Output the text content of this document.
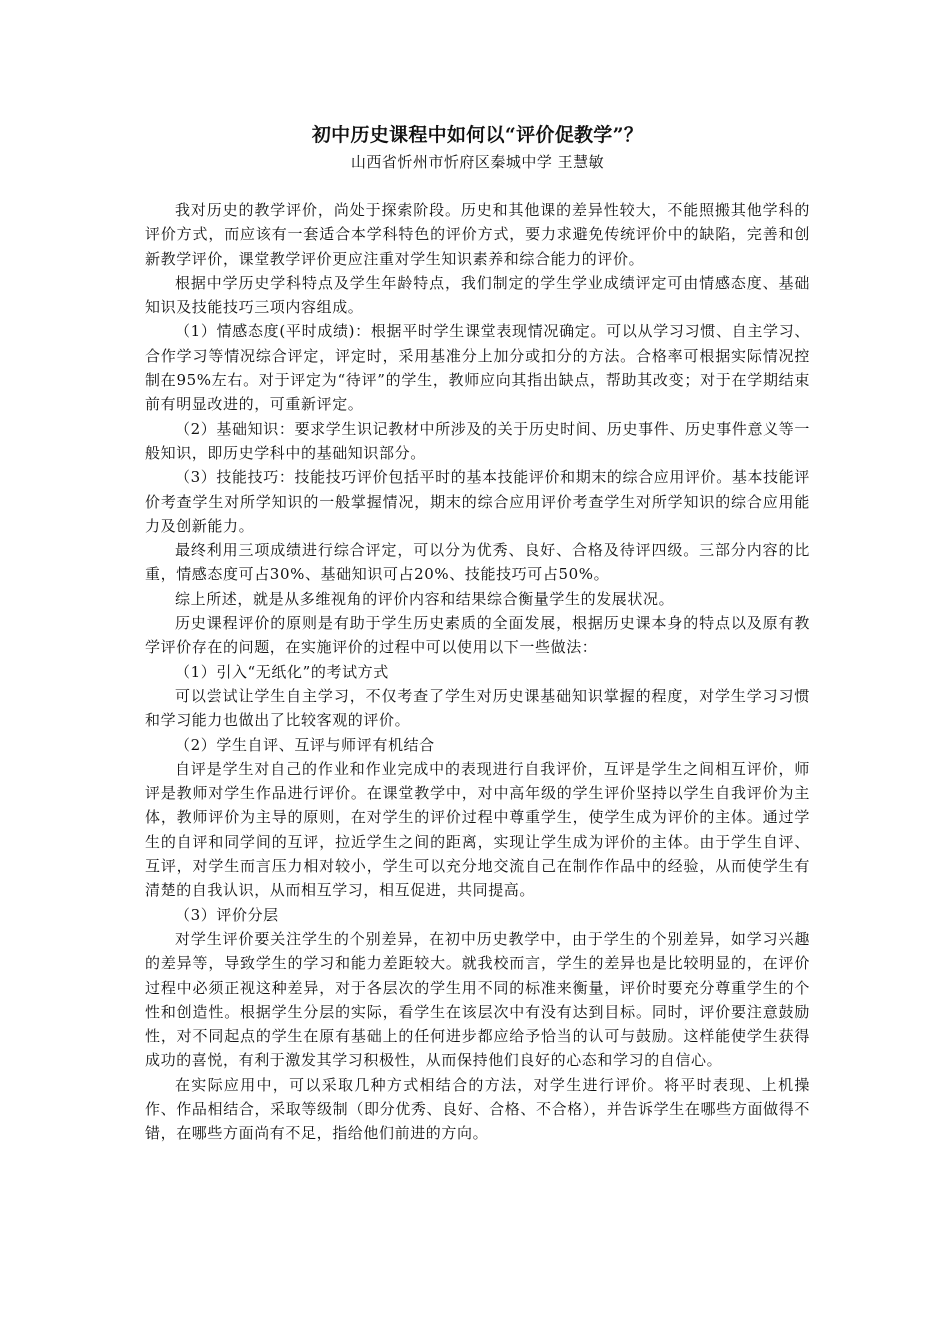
初中历史课程中如何以“评价促教学”？

山西省忻州市忻府区秦城中学 王慧敏

我对历史的教学评价，尚处于探索阶段。历史和其他课的差异性较大，不能照搬其他学科的评价方式，而应该有一套适合本学科特色的评价方式，要力求避免传统评价中的缺陷，完善和创新教学评价，课堂教学评价更应注重对学生知识素养和综合能力的评价。

根据中学历史学科特点及学生年龄特点，我们制定的学生学业成绩评定可由情感态度、基础知识及技能技巧三项内容组成。

（1）情感态度(平时成绩)：根据平时学生课堂表现情况确定。可以从学习习惯、自主学习、合作学习等情况综合评定，评定时，采用基准分上加分或扣分的方法。合格率可根据实际情况控制在95%左右。对于评定为“待评”的学生，教师应向其指出缺点，帮助其改变；对于在学期结束前有明显改进的，可重新评定。

（2）基础知识：要求学生识记教材中所涉及的关于历史时间、历史事件、历史事件意义等一般知识，即历史学科中的基础知识部分。

（3）技能技巧：技能技巧评价包括平时的基本技能评价和期末的综合应用评价。基本技能评价考查学生对所学知识的一般掌握情况，期末的综合应用评价考查学生对所学知识的综合应用能力及创新能力。

最终利用三项成绩进行综合评定，可以分为优秀、良好、合格及待评四级。三部分内容的比重，情感态度可占30%、基础知识可占20%、技能技巧可占50%。

综上所述，就是从多维视角的评价内容和结果综合衡量学生的发展状况。

历史课程评价的原则是有助于学生历史素质的全面发展，根据历史课本身的特点以及原有教学评价存在的问题，在实施评价的过程中可以使用以下一些做法：

（1）引入“无纸化”的考试方式

可以尝试让学生自主学习，不仅考查了学生对历史课基础知识掌握的程度，对学生学习习惯和学习能力也做出了比较客观的评价。

（2）学生自评、互评与师评有机结合

自评是学生对自己的作业和作业完成中的表现进行自我评价，互评是学生之间相互评价，师评是教师对学生作品进行评价。在课堂教学中，对中高年级的学生评价坚持以学生自我评价为主体，教师评价为主导的原则，在对学生的评价过程中尊重学生，使学生成为评价的主体。通过学生的自评和同学间的互评，拉近学生之间的距离，实现让学生成为评价的主体。由于学生自评、互评，对学生而言压力相对较小，学生可以充分地交流自己在制作作品中的经验，从而使学生有清楚的自我认识，从而相互学习，相互促进，共同提高。

（3）评价分层

对学生评价要关注学生的个别差异，在初中历史教学中，由于学生的个别差异，如学习兴趣的差异等，导致学生的学习和能力差距较大。就我校而言，学生的差异也是比较明显的，在评价过程中必须正视这种差异，对于各层次的学生用不同的标准来衡量，评价时要充分尊重学生的个性和创造性。根据学生分层的实际，看学生在该层次中有没有达到目标。同时，评价要注意鼓励性，对不同起点的学生在原有基础上的任何进步都应给予恰当的认可与鼓励。这样能使学生获得成功的喜悦，有利于激发其学习积极性，从而保持他们良好的心态和学习的自信心。

在实际应用中，可以采取几种方式相结合的方法，对学生进行评价。将平时表现、上机操作、作品相结合，采取等级制（即分优秀、良好、合格、不合格），并告诉学生在哪些方面做得不错，在哪些方面尚有不足，指给他们前进的方向。
